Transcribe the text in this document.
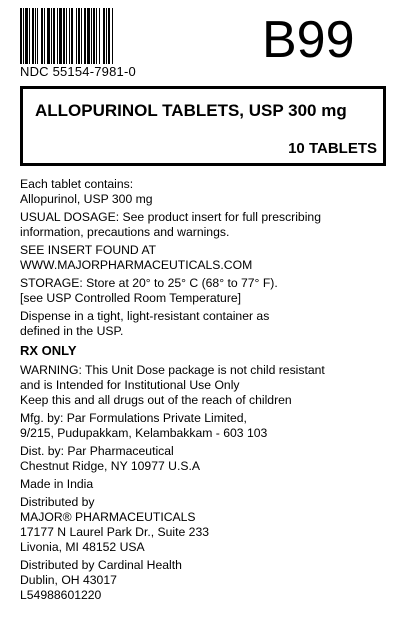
NDC 55154-7981-0
B99
ALLOPURINOL TABLETS, USP 300 mg
10 TABLETS
Each tablet contains:
Allopurinol, USP 300 mg
USUAL DOSAGE: See product insert for full prescribing
information, precautions and warnings.
SEE INSERT FOUND AT
WWW.MAJORPHARMACEUTICALS.COM
STORAGE: Store at 20° to 25° C (68° to 77° F).
[see USP Controlled Room Temperature]
Dispense in a tight, light-resistant container as
defined in the USP.
RX ONLY
WARNING: This Unit Dose package is not child resistant
and is Intended for Institutional Use Only
Keep this and all drugs out of the reach of children
Mfg. by: Par Formulations Private Limited,
9/215, Pudupakkam, Kelambakkam - 603 103
Dist. by: Par Pharmaceutical
Chestnut Ridge, NY 10977 U.S.A
Made in India
Distributed by
MAJOR® PHARMACEUTICALS
17177 N Laurel Park Dr., Suite 233
Livonia, MI 48152 USA
Distributed by Cardinal Health
Dublin, OH 43017
L54988601220
